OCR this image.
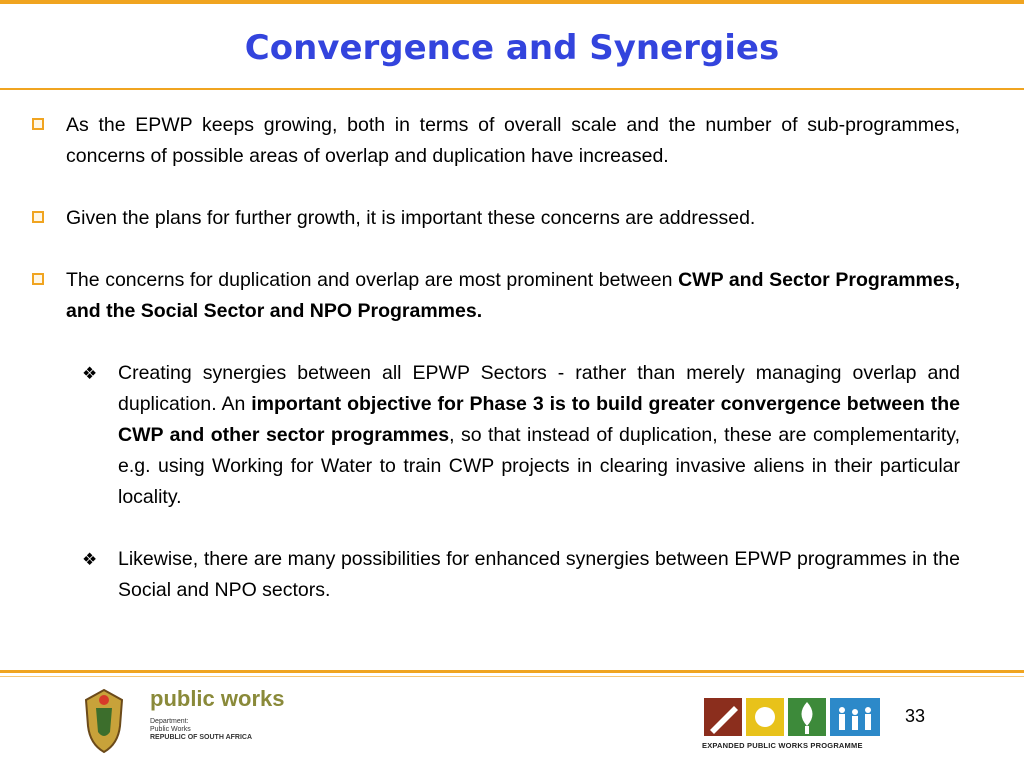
Convergence and Synergies
As the EPWP keeps growing, both in terms of overall scale and the number of sub-programmes, concerns of possible areas of overlap and duplication have increased.
Given the plans for further growth, it is important these concerns are addressed.
The concerns for duplication and overlap are most prominent between CWP and Sector Programmes, and the Social Sector and NPO Programmes.
❖ Creating synergies between all EPWP Sectors - rather than merely managing overlap and duplication. An important objective for Phase 3 is to build greater convergence between the CWP and other sector programmes, so that instead of duplication, these are complementarity, e.g. using Working for Water to train CWP projects in clearing invasive aliens in their particular locality.
❖ Likewise, there are many possibilities for enhanced synergies between EPWP programmes in the Social and NPO sectors.
public works
Department:
Public Works
REPUBLIC OF SOUTH AFRICA
EXPANDED PUBLIC WORKS PROGRAMME
33
